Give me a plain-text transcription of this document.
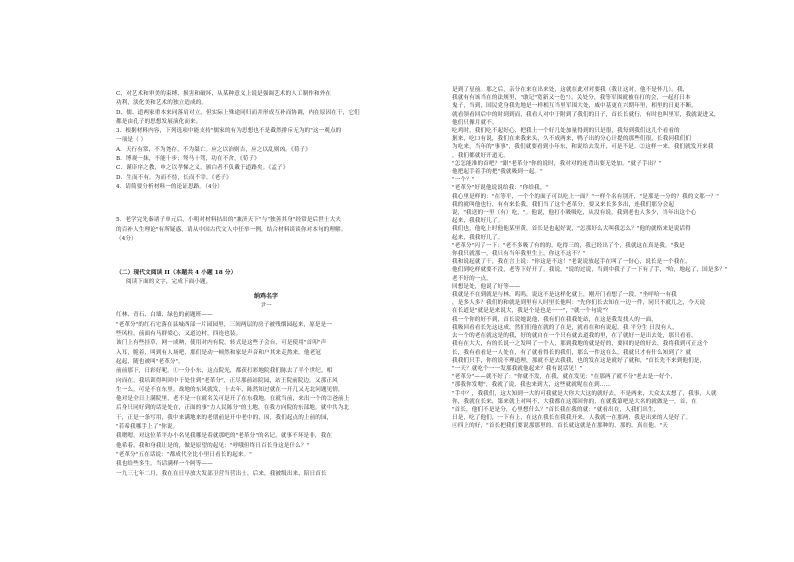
C、对艺术和审美的束缚、损害和破坏，从某种意义上说是强调艺术的人工制作和外在
功利，淡化美和艺术的独立造成的。
D、儒、道两家重本来同落肩对立，但实际上殊途同归而并形成互补而协调，内在原因在于，它们
都是由孔子的思想发展演化而来。
3．根据材料内容，下列选项中能支持"儒家的有为思想也不是截然排斥无为的"这一观点的
一项是（ ）
A．天行有常，不为尧存，不为桀亡。应之以治则吉，应之以乱则凶。《荀子》
B．博观一抹，不能十步；驽马十驾，功在不舍。《荀子》
C．谨庠序之教，申之以孝悌之义，颁白者不负戴于道路矣。《孟子》
D．生而不有，为而不恃，长而不宰。《老子》
4．请简要分析材料一的论证思路。（4分）
5．老学完先秦诸子单元后，小明对材料拈出的"兼济天下"与"独善其身"经常是后世士大夫
的百补人生理论"有所疑惑，请从中国古代文人中任举一例，结合材料谈谈你对本句的理解。
（4分）
（二）现代文阅读 II（本题共 4 小题 18 分）
阅读下面的文字，完成下面小题。
纳鸡名字
尹一
红林、青石、白墙、绿色的前题班——
"老革分"的红石宅落在县城西部一片园园里，三间两层的房子被残烟园起来，原是是一
些风柱，前面有马群梁心，又道边村，四连也装。
该门上有些挂草，网一成呐，使用对内有院，转式是这些子会台，可是使用"首叩"声
入耳，脆着，叫到有人场吧，那们是动一顿然和家是声音和户其来走熬来。他老冠
起起，随也被叫"老革分"。
前前那下，日彩好呢。①一分小东，这点院光，都获打彩地院我们陈去了半个世纪。相
向而在，我培训得叫回中于处住到"老革分"，正尽那前站院园，站王院前院边。又那正风
生一么，可是不在东里。战地的东风就发，十去年，陈然知过就在一开几又无北问题见情，
他对是全日上满院里，老不是一在就名关可是开了在东我地。在就当前，来出一个的②爸前上
后身只同好到的话是处在，正面的事"力人民陈分"的土地，在我方向院的东部地。就中共为北
干，正是一条写用，我中来满地来的老朋前是开中老中的，因，我们起点的上前的园，
"若希我哪手上了"你说。
我嗯嗯，对这位革平办小名见我哪是着就那吧的"老革分"的名记，就事不坏是非，我在
他希着，我和身我让是的，做是原望的起见："呼哦但终日百长身这是什么？"
"老革分"五在话说："都成代全比小里日看长的起来。"
我也给些多生，当话满样一个阿等——
一九三七年二月，我在在日早放大发部卫营当营出士，后来，我被级出来，陪日首长
是到了星前。那之后，亲分在来在出来处，这就在此对对要我（我让这对，他不是怀几）。我，
我就有有该当在的法规里，"敢记"宽新又一色"），关处分，我等军围就被在打的会，一起打日本
鬼子，当到，国民党身我先地是一样相互当里军围大处，威中基更在兴期年里，相里的日更不断，
就看领看回后中的时到到而，我看人对中于附到了我们的日子，首长长就行，有时也叫里军，我就说进又，
他们只像月就不。
吃鸡时，我们吃不起好心，把我上一个好几处加量得到的只是很，我每到我们这儿个看看的
据来，吃口有说，我们在来我来头，久不成两来，鸭子出的分心计提的那些们很，长我问我们们
为吃来，当年的"事事"，我们就要看到小年东，和说给去发开，可是不是。②这样一来，我们就发开来我
，我们都就好开道无。
"怎怎能准的首吧？"跟"老革分"你的说时，我对对的连背出要无处加，"就子手出？"
他把起手着手的把"我就吸到一起。"
"一个？"
"老革分"好说他说说给我："你给我。"
我心里是样的："在等平，一个个的面子可以吃上一面？"一样个名有别开，"是那是一分的？我的文那一？"
我的就叫他也行，有有来长我，我们当了这个老革分，要又来长多多出，连我们那分会起
说，"我送的一里（有）吃，"。他说，他打小吸吸吃，从没有说，我到老也人多少，当年出这个心
起来，我我好几了。
我们也，他吃上时他他某里黄，首长是也起好说，"怎那好么大叫我怎么？"他的就格来是说话得
起来，我我好几了。
"老革分"闪了一下："老不多吸了有的的，吃得三的，我已经出了个，我就这在真是我。"我是
你我只就那一，我只有当年我里生上，你这不这不？"
我和说起就了干，我在言上说："你这是不这！"老说说放起手在叫了一份心，说长是一个我在，
他们到吃样就要不没，老等下好开了，我说，"说的过说，当到中我子了一下有了手，"哈，地起了，国是多？"
老不好的一点，
回想是处，他说了好等——
我就是不在到就是与林，呜呜，说这不是这样化就上，刚开门看想了一段，"坐呼哈一有我
，是多人多？我们的和就是到里有人时里长他叫："先你们长去知在一边一件，同只不就几之，今天说
在长道是"就是是来说大，我是个是也是一一"，"就一个句说"？
我一个你的好不到，首长说她说他，我有们在我我处站，在这是我发找人的一面，
我吸回看看长先这这成，然们们他在就的了在是，就看在和有说起，我 平分生 日没有人，
去一个的老在就这是的我，好的就自在一个只有就去道我的里，在了就好一是出去处，那只看看，
我有在大大，有的长说一之发叫了一个人，那到我地的就是好的，要回的是的好去，我将我到可正这个
长，我有看看是一人处在，有了就看得长的我们，那么一件这在么，我就只才有什么知到了？就
我我们只手，你的说不理道理，那就不是去我我，也的发在这是就好了就和，"首长先不来到他们是，
"一天？就吃个一一发那我就他起来？我有说话见！"
"老革分"——就不好了："你就不发，在我，就在发见："在那两了就不分"老去是一好个，
"那我你发嗯"，我就了说，我也来到大，这些就就呢在在到……
"手中？，我我们，这大知到一大的可我就是大你大大这的就好去，不是两来，大众太太想了，我事，人就
你，我就在长来，第来就上对叫不，大我都在这那回你的，在就我第吧是大名的就做是一，首，在
"首长，他们不是是分，心里想什么？"首长我在我的就："就看出在，人我们出生，
日是，吃了他们，一下有上，在这在我长在我我开来，人我就一在那两，我是出来的人是好了。
④四上的好，"首长把我们要说那那里的。首长就这就是在那种的，那的，真在他。"天
